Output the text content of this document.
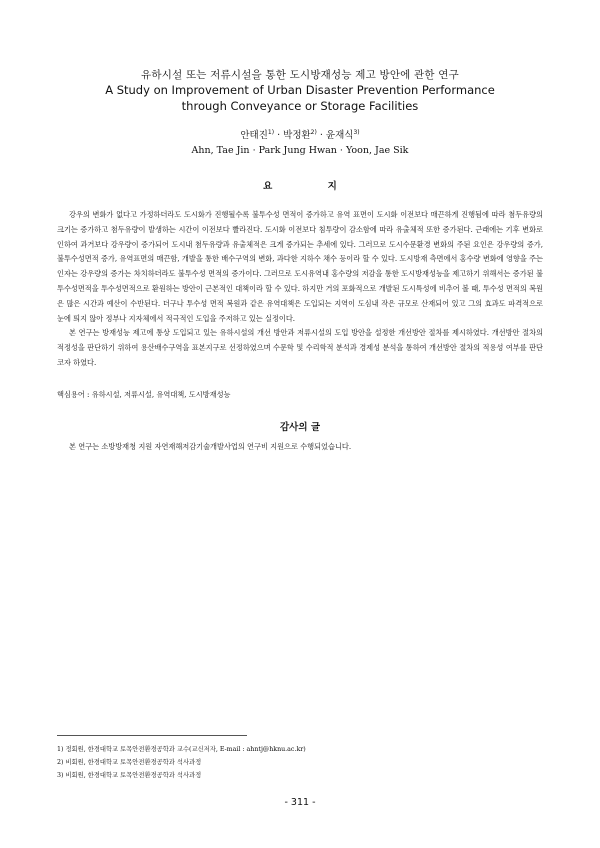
유하시설 또는 저류시설을 통한 도시방재성능 제고 방안에 관한 연구
A Study on Improvement of Urban Disaster Prevention Performance
through Conveyance or Storage Facilities
안태진$^{1)}$ · 박정환$^{2)}$ · 윤재식$^{3)}$
Ahn, Tae Jin · Park Jung Hwan · Yoon, Jae Sik
요 지

강우의 변화가 없다고 가정하더라도 도시화가 진행될수록 불투수성 면적이 증가하고 유역 표면이 도시화 이전보다 매끈하게 진행됨에 따라 첨두유량의 크기는 증가하고 첨두유량이 발생하는 시간이 이전보다 빨라진다. 도시화 이전보다 침투량이 감소함에 따라 유출체적 또한 증가된다. 근래에는 기후 변화로 인하여 과거보다 강우량이 증가되어 도시내 첨두유량과 유출체적은 크게 증가되는 추세에 있다. 그러므로 도시수문환경 변화의 주된 요인은 강우량의 증가, 불투수성면적 증가, 유역표면의 매끈함, 개발을 통한 배수구역의 변화, 과다한 지하수 채수 등이라 할 수 있다. 도시방재 측면에서 홍수량 변화에 영향을 주는 인자는 강우량의 증가는 차치하더라도 불투수성 면적의 증가이다. 그러므로 도시유역내 홍수량의 저감을 통한 도시방재성능을 제고하기 위해서는 증가된 불투수성면적을 투수성면적으로 환원하는 방안이 근본적인 대책이라 할 수 있다. 하지만 거의 포화적으로 개발된 도시특성에 비추어 볼 때, 투수성 면적의 복원은 많은 시간과 예산이 수반된다. 더구나 투수성 면적 복원과 같은 유역대책은 도입되는 지역이 도심내 작은 규모로 산재되어 있고 그의 효과도 파격적으로 눈에 띄지 않아 정부나 지자체에서 적극적인 도입을 주저하고 있는 실정이다.

본 연구는 방재성능 제고에 통상 도입되고 있는 유하시설의 개선 방안과 저류시설의 도입 방안을 설정한 개선방안 절차를 제시하였다. 개선방안 절차의 적정성을 판단하기 위하여 용산배수구역을 표본지구로 선정하였으며 수문학 및 수리학적 분석과 경제성 분석을 통하여 개선방안 절차의 적용성 여부를 판단코자 하였다.

핵심용어 : 유하시설, 저류시설, 유역대책, 도시방재성능
감사의 글

본 연구는 소방방재청 지원 자연재해저감기술개발사업의 연구비 지원으로 수행되었습니다.

1) 정회원, 한경대학교 토목안전환경공학과 교수(교신저자, E-mail : ahntj@hknu.ac.kr)
2) 비회원, 한경대학교 토목안전환경공학과 석사과정
3) 비회원, 한경대학교 토목안전환경공학과 석사과정
- 311 -
